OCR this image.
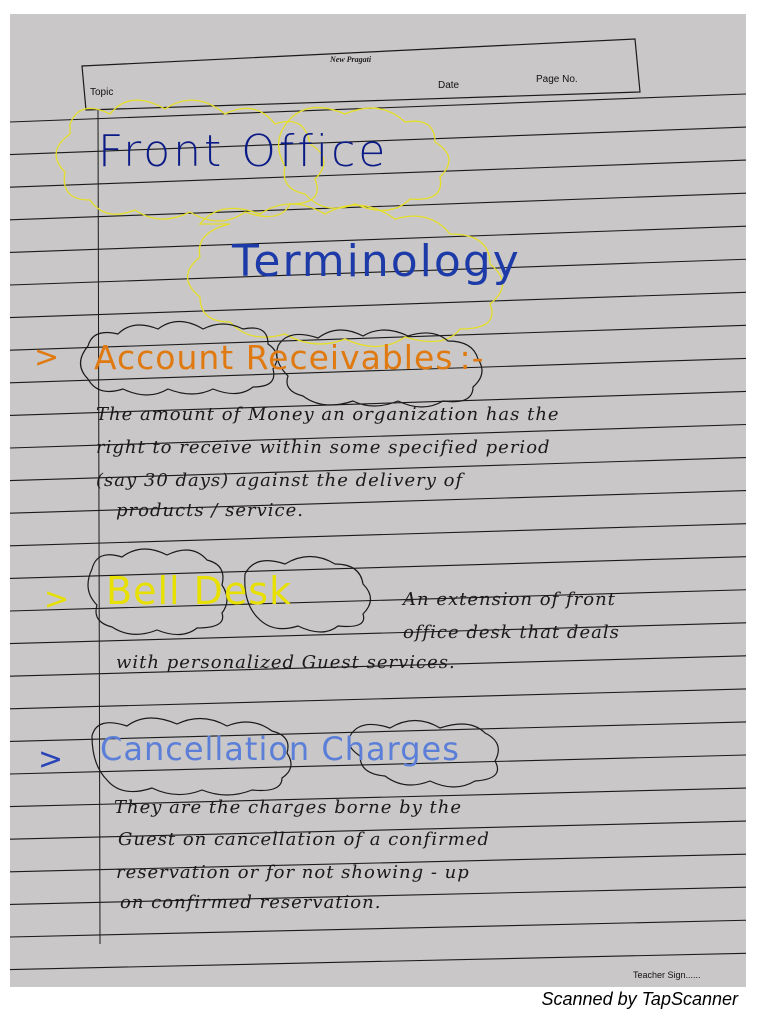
New Pragati
Topic
Date
Page No.
Front Office
Terminology
> Account Receivables :-
The amount of Money an organization has the
right to receive within some specified period
(say 30 days) against the delivery of
products / service.
> Bell Desk	An extension of front
office desk that deals
with personalized Guest services.
> Cancellation Charges
They are the charges borne by the
Guest on cancellation of a confirmed
reservation or for not showing - up
on confirmed reservation.
Teacher Sign......
Scanned by TapScanner
